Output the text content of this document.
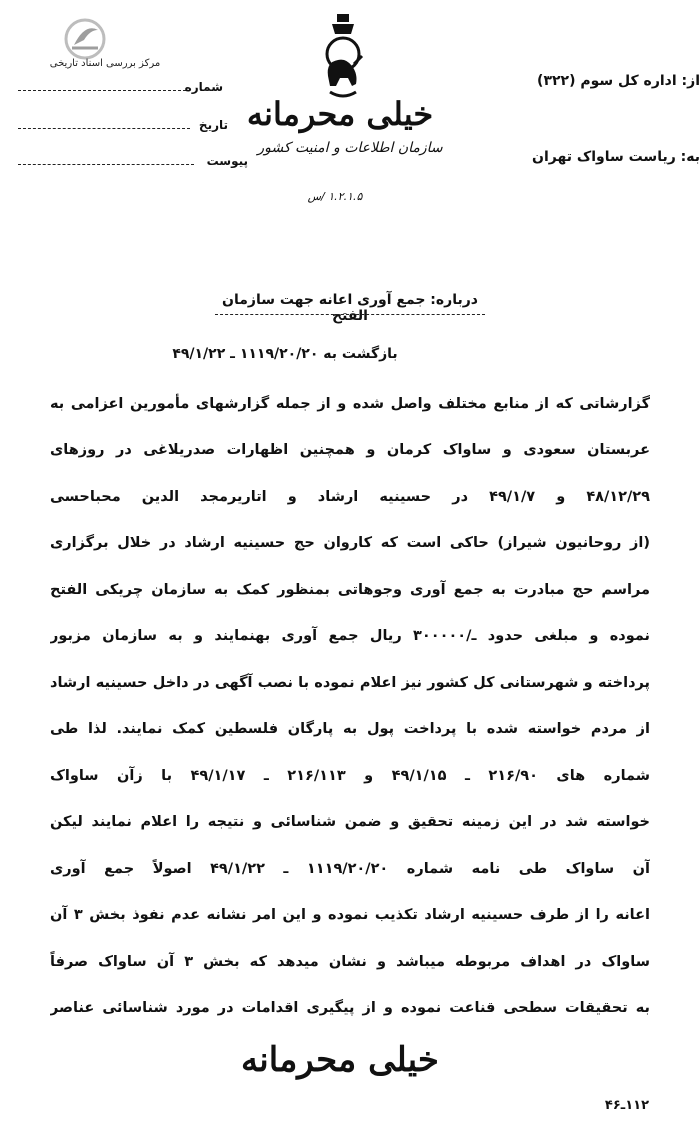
مرکز بررسی اسناد تاریخی
شماره
تاریخ
پیوست
خیلی محرمانه
سازمان اطلاعات و امنیت کشور
۱.۲.۱.۵ /س
از: اداره کل سوم (۳۲۲)
به: ریاست ساواک تهران
درباره: جمع آوری اعانه جهت سازمان الفتح
بازگشت به ۱۱۱۹/۲۰/۲۰ ـ ۴۹/۱/۲۲
گزارشاتی که از منابع مختلف واصل شده و از جمله گزارشهای مأمورین اعزامی به
عربستان سعودی و ساواک کرمان و همچنین اظهارات صدریلاغی در روزهای
۴۸/۱۲/۲۹ و ۴۹/۱/۷ در حسینیه ارشاد و اتاریرمجد الدین محباحسی
(از روحانیون شیراز) حاکی است که کاروان حج حسینیه ارشاد در خلال برگزاری
مراسم حج مبادرت به جمع آوری وجوهاتی بمنظور کمک به سازمان چریکی الفتح
نموده و مبلغی حدود ـ/۳۰۰۰۰۰ ریال جمع آوری بهنمایند و به سازمان مزبور
پرداخته و شهرستانی کل کشور نیز اعلام نموده با نصب آگهی در داخل حسینیه ارشاد
از مردم خواسته شده با پرداخت پول به پارگان فلسطین کمک نمایند. لذا طی
شماره های ۲۱۶/۹۰ ـ ۴۹/۱/۱۵ و ۲۱۶/۱۱۳ ـ ۴۹/۱/۱۷ با زآن ساواک
خواسته شد در این زمینه تحقیق و ضمن شناسائی و نتیجه را اعلام نمایند لیکن
آن ساواک طی نامه شماره ۱۱۱۹/۲۰/۲۰ ـ ۴۹/۱/۲۲ اصولاً جمع آوری
اعانه را از طرف حسینیه ارشاد تکذیب نموده و این امر نشانه عدم نفوذ بخش ۳ آن
ساواک در اهداف مربوطه میباشد و نشان میدهد که بخش ۳ آن ساواک صرفاً
به تحقیقات سطحی قناعت نموده و از پیگیری اقدامات در مورد شناسائی عناصر
خیلی محرمانه
۱۱۲ـ۴۶
